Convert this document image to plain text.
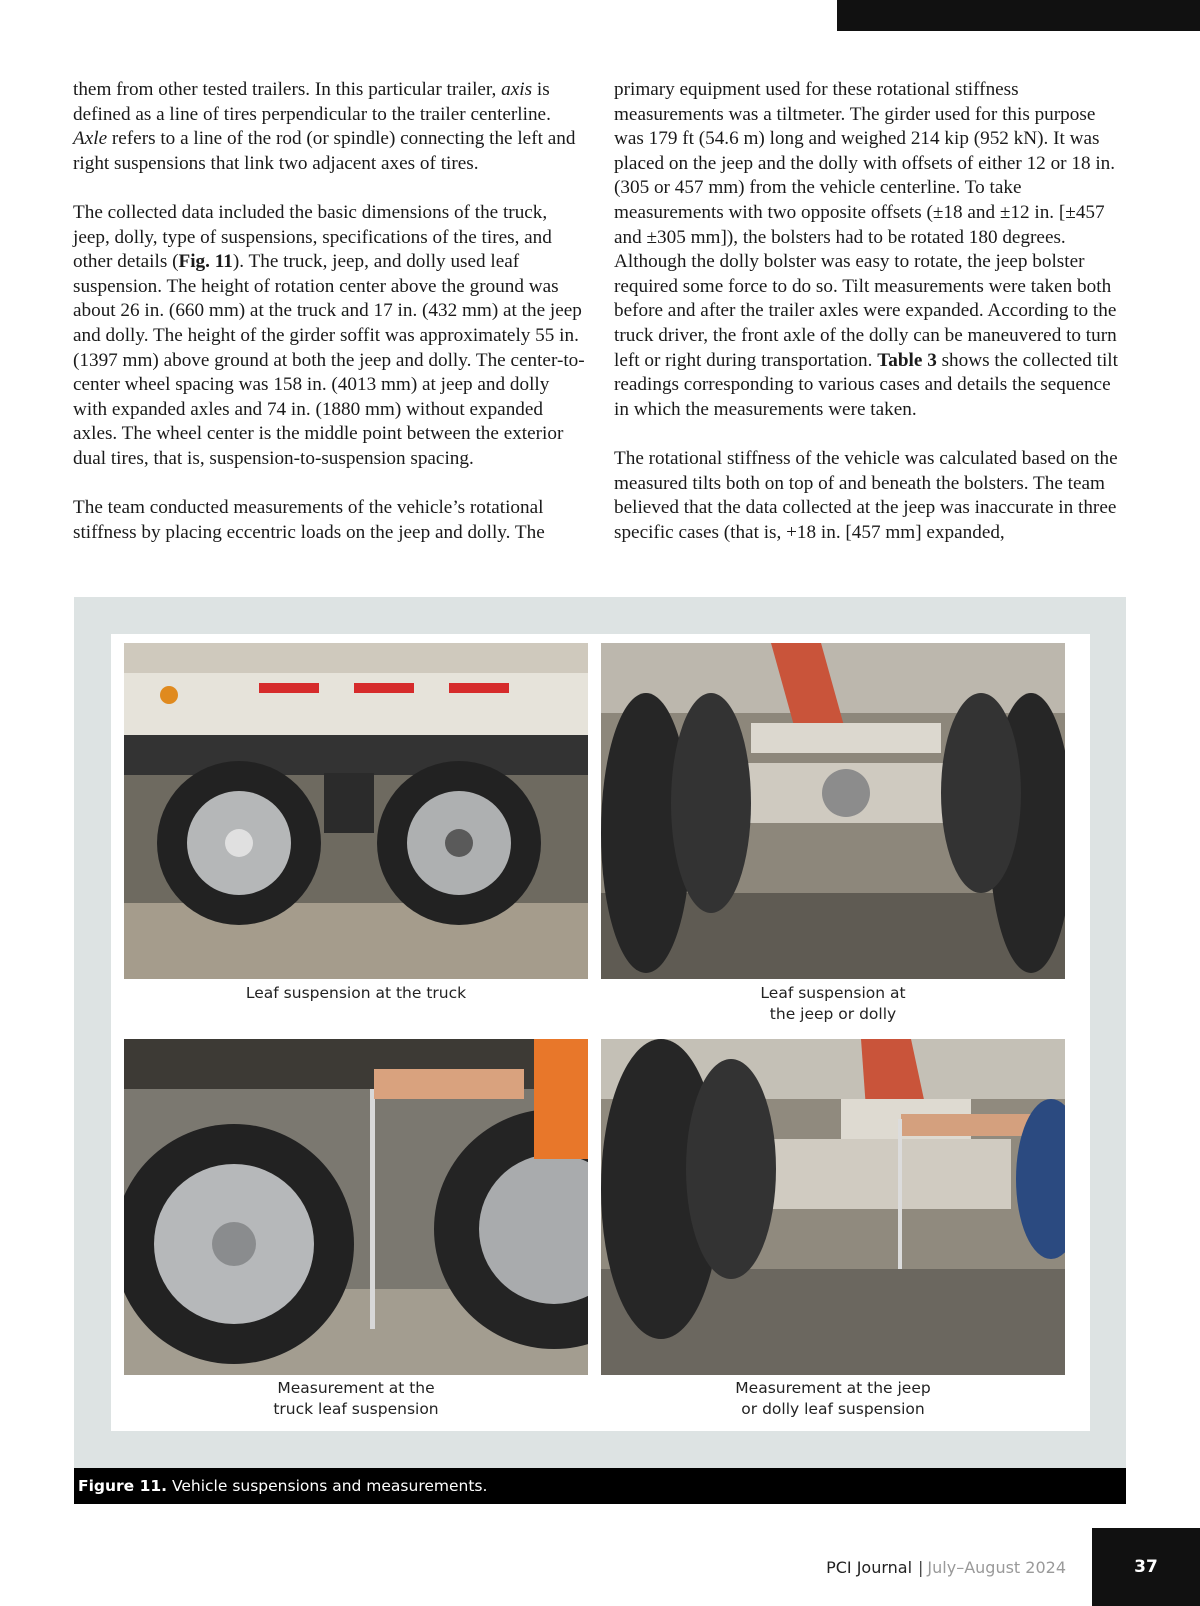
them from other tested trailers. In this particular trailer, axis is defined as a line of tires perpendicular to the trailer centerline. Axle refers to a line of the rod (or spindle) connecting the left and right suspensions that link two adjacent axes of tires.

The collected data included the basic dimensions of the truck, jeep, dolly, type of suspensions, specifications of the tires, and other details (Fig. 11). The truck, jeep, and dolly used leaf suspension. The height of rotation center above the ground was about 26 in. (660 mm) at the truck and 17 in. (432 mm) at the jeep and dolly. The height of the girder soffit was approximately 55 in. (1397 mm) above ground at both the jeep and dolly. The center-to-center wheel spacing was 158 in. (4013 mm) at jeep and dolly with expanded axles and 74 in. (1880 mm) without expanded axles. The wheel center is the middle point between the exterior dual tires, that is, suspension-to-suspension spacing.

The team conducted measurements of the vehicle’s rotational stiffness by placing eccentric loads on the jeep and dolly. The

primary equipment used for these rotational stiffness measurements was a tiltmeter. The girder used for this purpose was 179 ft (54.6 m) long and weighed 214 kip (952 kN). It was placed on the jeep and the dolly with offsets of either 12 or 18 in. (305 or 457 mm) from the vehicle centerline. To take measurements with two opposite offsets (±18 and ±12 in. [±457 and ±305 mm]), the bolsters had to be rotated 180 degrees. Although the dolly bolster was easy to rotate, the jeep bolster required some force to do so. Tilt measurements were taken both before and after the trailer axles were expanded. According to the truck driver, the front axle of the dolly can be maneuvered to turn left or right during transportation. Table 3 shows the collected tilt readings corresponding to various cases and details the sequence in which the measurements were taken.

The rotational stiffness of the vehicle was calculated based on the measured tilts both on top of and beneath the bolsters. The team believed that the data collected at the jeep was inaccurate in three specific cases (that is, +18 in. [457 mm] expanded,

Leaf suspension at the truck	Leaf suspension at
the jeep or dolly
Measurement at the
truck leaf suspension
Measurement at the jeep
or dolly leaf suspension
Figure 11. Vehicle suspensions and measurements.
PCI Journal | July–August 2024	37
